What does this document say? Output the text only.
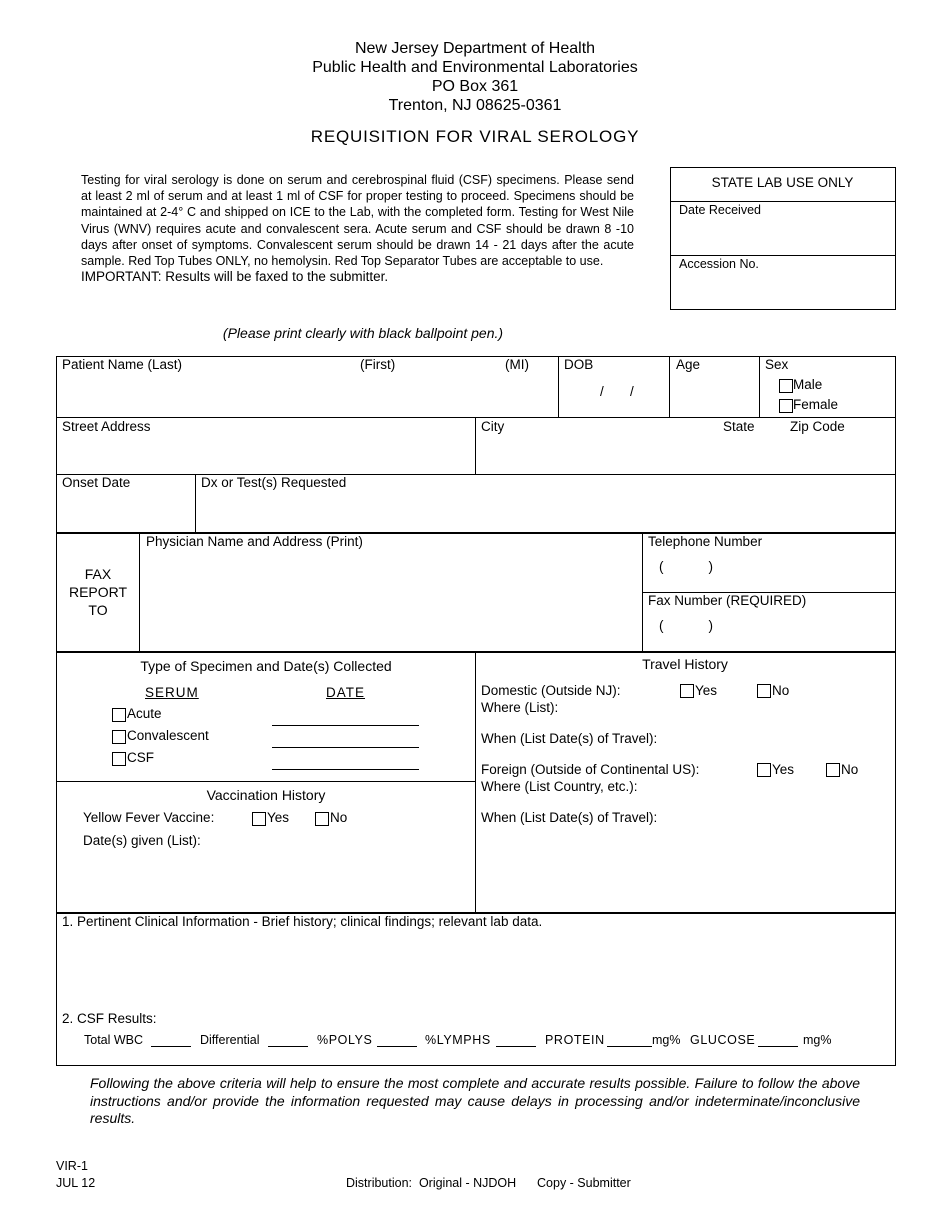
New Jersey Department of Health
Public Health and Environmental Laboratories
PO Box 361
Trenton, NJ 08625-0361
REQUISITION FOR VIRAL SEROLOGY

Testing for viral serology is done on serum and cerebrospinal fluid (CSF) specimens. Please send at least 2 ml of serum and at least 1 ml of CSF for proper testing to proceed. Specimens should be maintained at 2-4° C and shipped on ICE to the Lab, with the completed form. Testing for West Nile Virus (WNV) requires acute and convalescent sera. Acute serum and CSF should be drawn 8 -10 days after onset of symptoms. Convalescent serum should be drawn 14 - 21 days after the acute sample. Red Top Tubes ONLY, no hemolysin. Red Top Separator Tubes are acceptable to use.

IMPORTANT: Results will be faxed to the submitter.
STATE LAB USE ONLY
Date Received
Accession No.
(Please print clearly with black ballpoint pen.)
Patient Name (Last)	(First)	(MI)	DOB
/       /
Age	Sex
Male
Female
Street Address	City	State	Zip Code
Onset Date	Dx or Test(s) Requested
FAX
REPORT
TO
Physician Name and Address (Print)	Telephone Number
(            )
Fax Number (REQUIRED)
(            )
Type of Specimen and Date(s) Collected
SERUM	DATE
Acute
Convalescent
CSF
Vaccination History
Yellow Fever Vaccine:	Yes	No
Date(s) given (List):
Travel History
Domestic (Outside NJ):	Yes	No
Where (List):
When (List Date(s) of Travel):
Foreign (Outside of Continental US):	Yes	No
Where (List Country, etc.):
When (List Date(s) of Travel):
1. Pertinent Clinical Information - Brief history; clinical findings; relevant lab data.
2. CSF Results:
Total WBC	Differential	%POLYS	%LYMPHS	PROTEIN	mg% GLUCOSE	mg%
Following the above criteria will help to ensure the most complete and accurate results possible. Failure to follow the above instructions and/or provide the information requested may cause delays in processing and/or indeterminate/inconclusive results.
VIR-1
JUL 12	Distribution:  Original - NJDOH      Copy - Submitter
